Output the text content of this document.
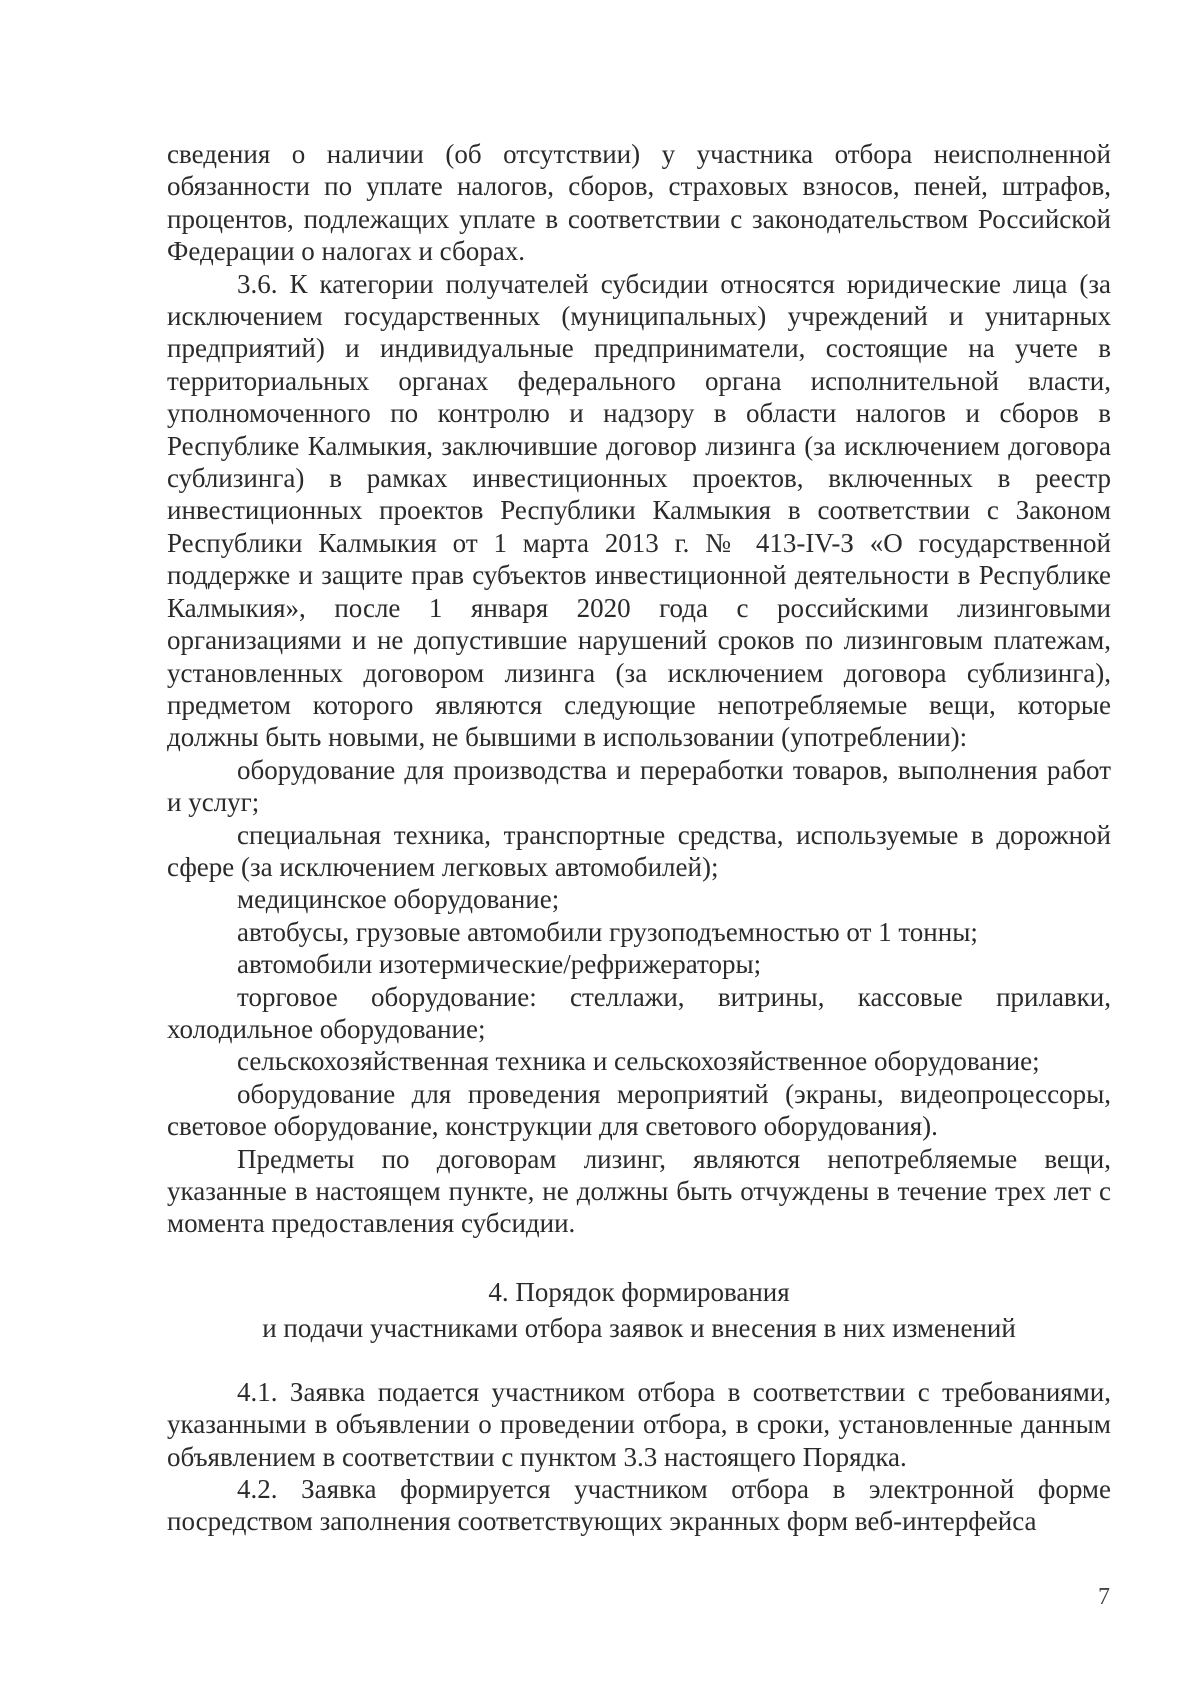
сведения о наличии (об отсутствии) у участника отбора неисполненной обязанности по уплате налогов, сборов, страховых взносов, пеней, штрафов, процентов, подлежащих уплате в соответствии с законодательством Российской Федерации о налогах и сборах.

3.6. К категории получателей субсидии относятся юридические лица (за исключением государственных (муниципальных) учреждений и унитарных предприятий) и индивидуальные предприниматели, состоящие на учете в территориальных органах федерального органа исполнительной власти, уполномоченного по контролю и надзору в области налогов и сборов в Республике Калмыкия, заключившие договор лизинга (за исключением договора сублизинга) в рамках инвестиционных проектов, включенных в реестр инвестиционных проектов Республики Калмыкия в соответствии с Законом Республики Калмыкия от 1 марта 2013 г. № 413-IV-З «О государственной поддержке и защите прав субъектов инвестиционной деятельности в Республике Калмыкия», после 1 января 2020 года с российскими лизинговыми организациями и не допустившие нарушений сроков по лизинговым платежам, установленных договором лизинга (за исключением договора сублизинга), предметом которого являются следующие непотребляемые вещи, которые должны быть новыми, не бывшими в использовании (употреблении):

оборудование для производства и переработки товаров, выполнения работ и услуг;

специальная техника, транспортные средства, используемые в дорожной сфере (за исключением легковых автомобилей);

медицинское оборудование;

автобусы, грузовые автомобили грузоподъемностью от 1 тонны;

автомобили изотермические/рефрижераторы;

торговое оборудование: стеллажи, витрины, кассовые прилавки, холодильное оборудование;

сельскохозяйственная техника и сельскохозяйственное оборудование;

оборудование для проведения мероприятий (экраны, видеопроцессоры, световое оборудование, конструкции для светового оборудования).

Предметы по договорам лизинг, являются непотребляемые вещи, указанные в настоящем пункте, не должны быть отчуждены в течение трех лет с момента предоставления субсидии.

4. Порядок формирования

и подачи участниками отбора заявок и внесения в них изменений

4.1. Заявка подается участником отбора в соответствии с требованиями, указанными в объявлении о проведении отбора, в сроки, установленные данным объявлением в соответствии с пунктом 3.3 настоящего Порядка.

4.2. Заявка формируется участником отбора в электронной форме посредством заполнения соответствующих экранных форм веб-интерфейса

7
